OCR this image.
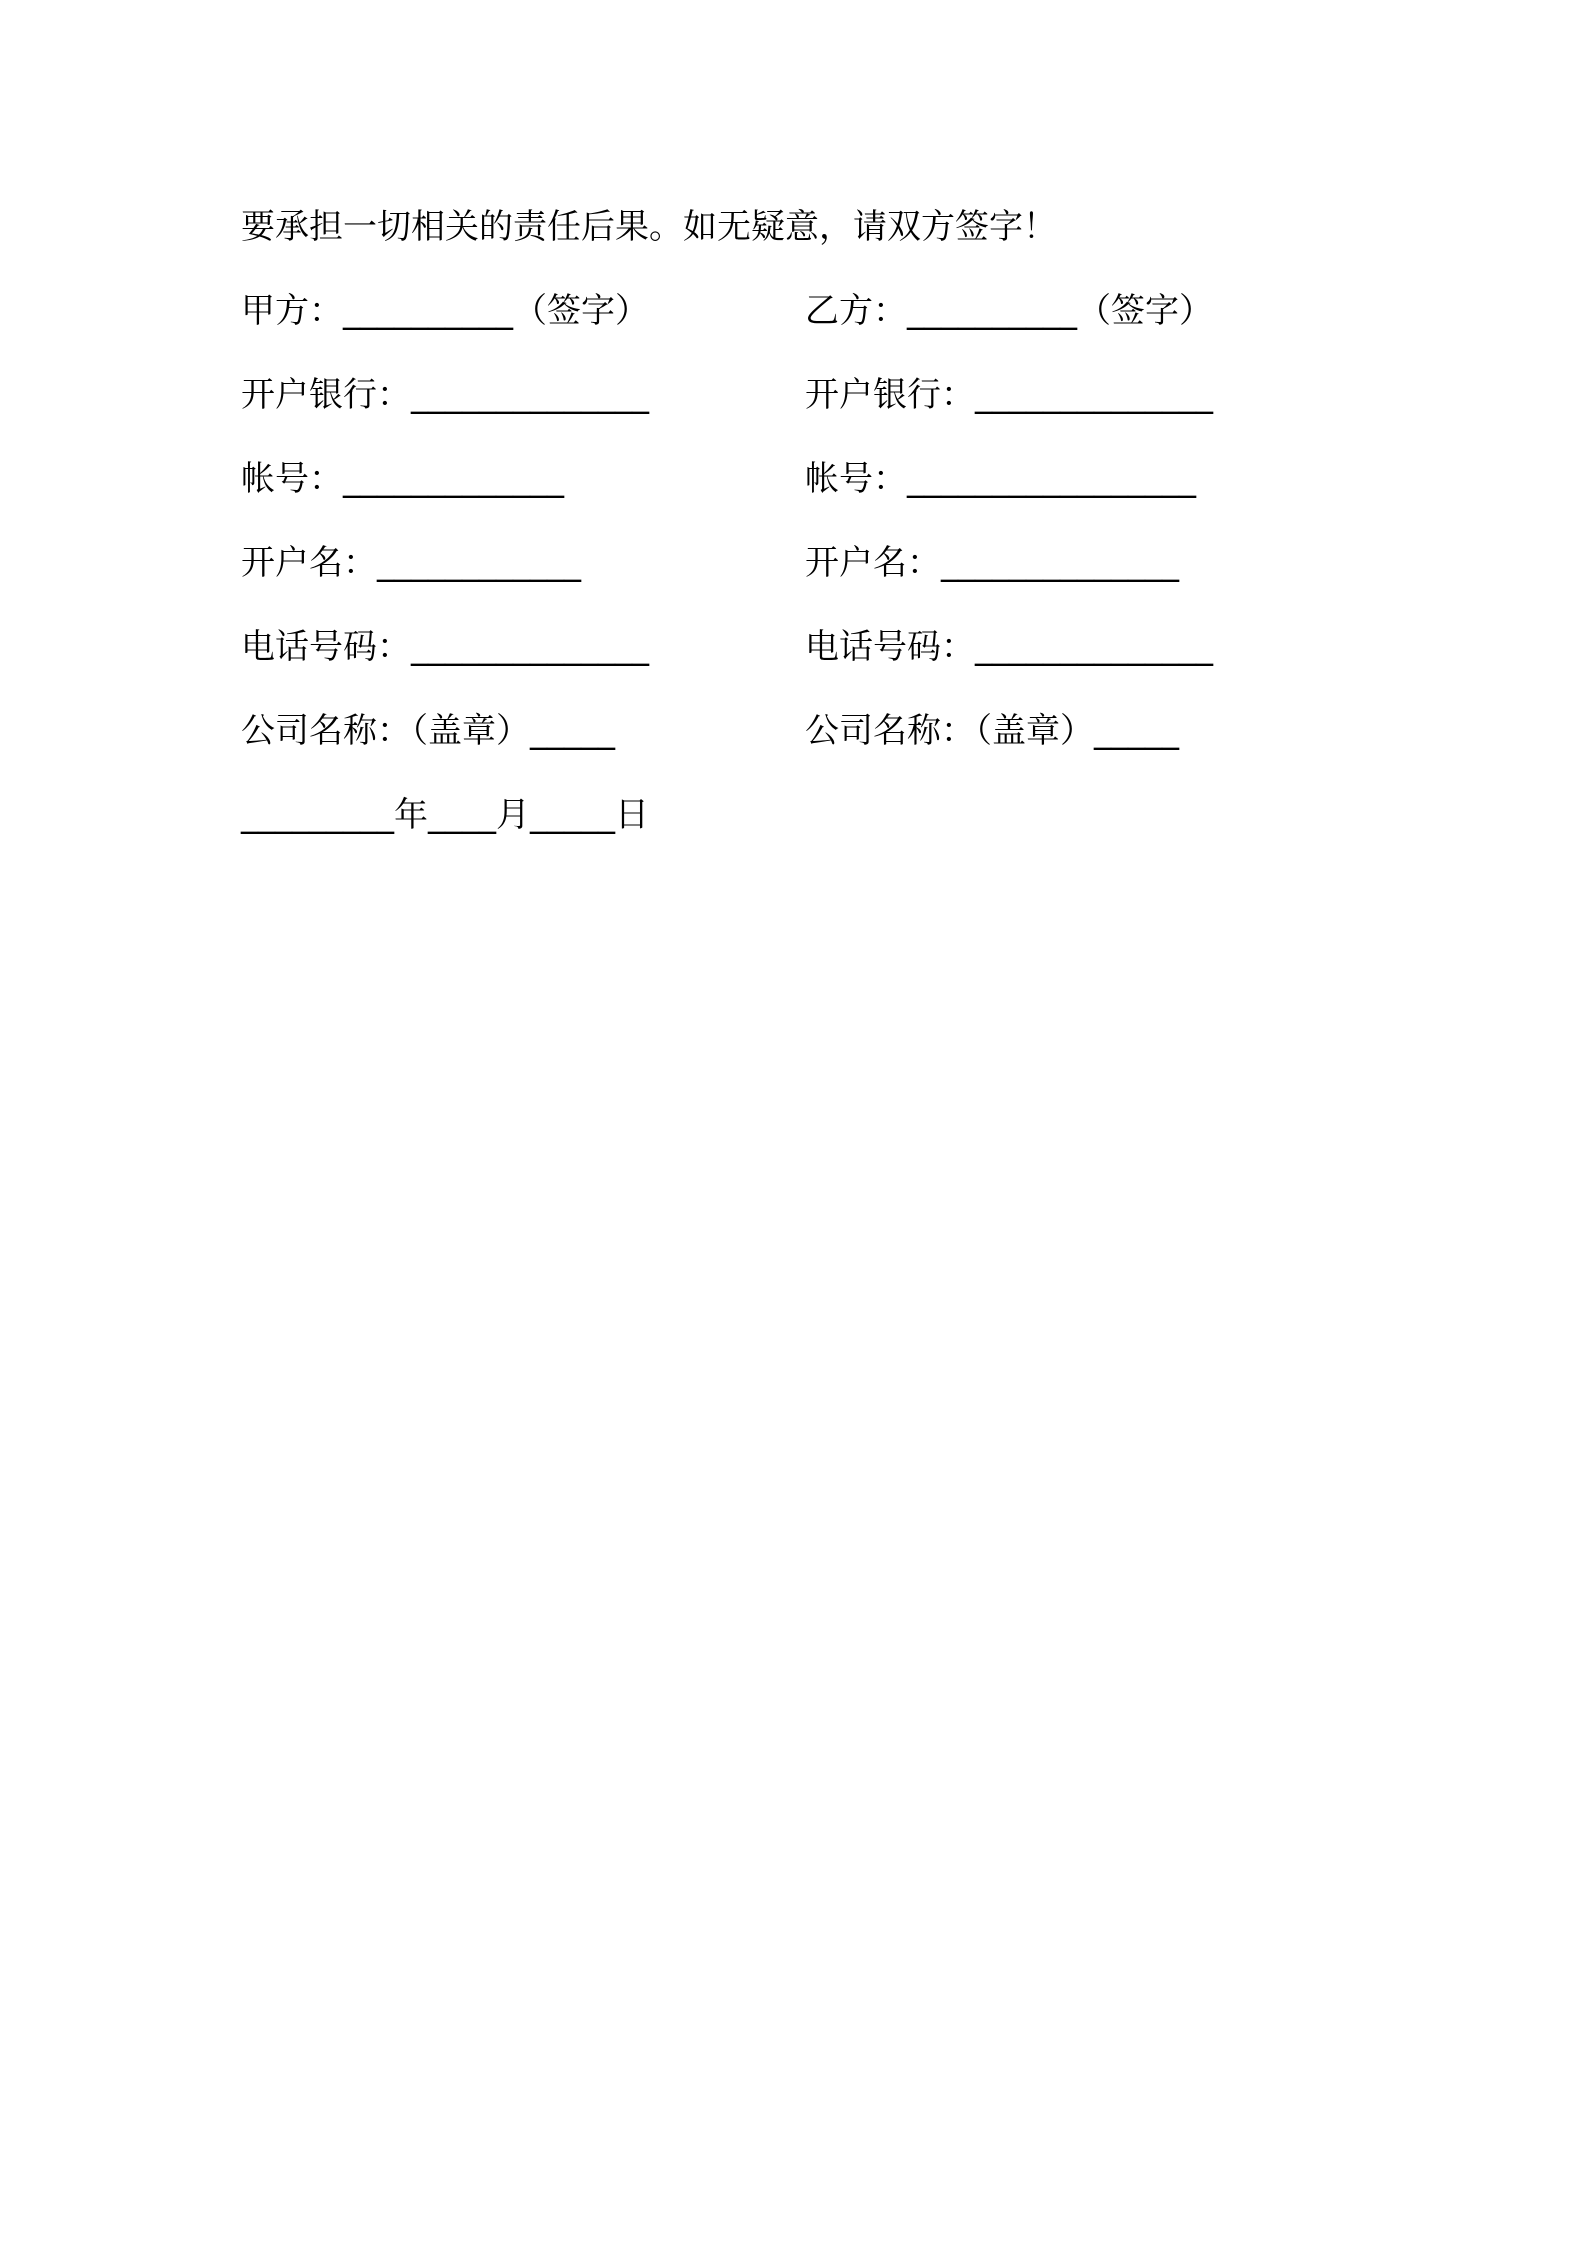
要承担一切相关的责任后果。如无疑意，请双方签字！
甲方：__________（签字）	乙方：__________（签字）
开户银行：______________	开户银行：______________
帐号：_____________	帐号：_________________
开户名：____________	开户名：______________
电话号码：______________	电话号码：______________
公司名称：（盖章）_____	公司名称：（盖章）_____
_________年____月_____日
